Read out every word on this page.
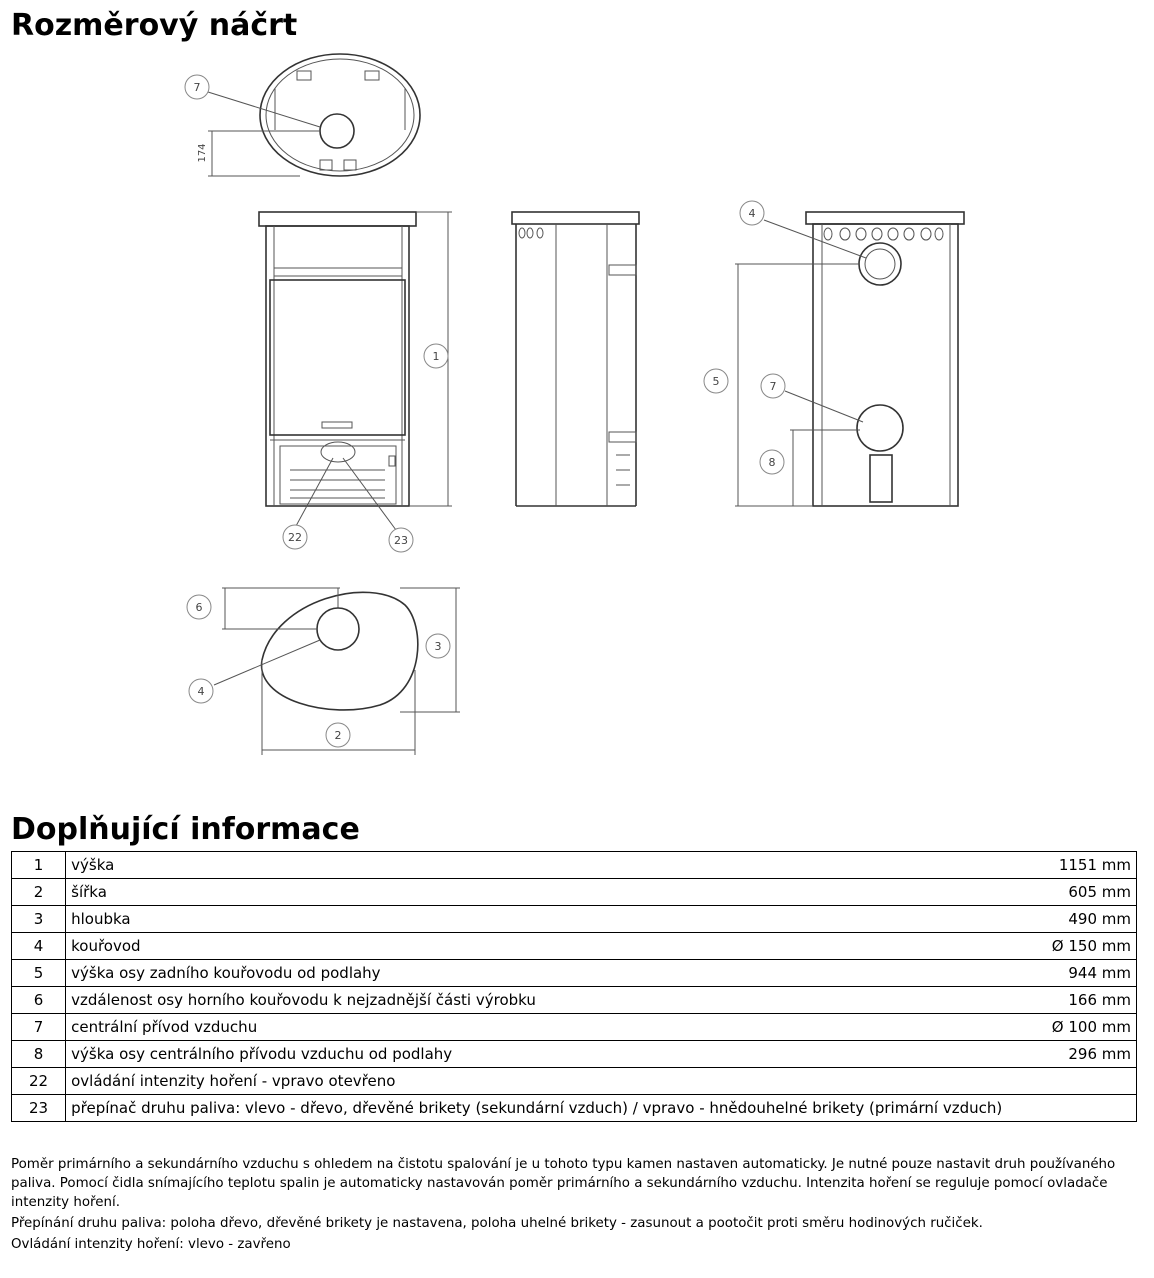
Rozměrový náčrt
174
7
1
22	23
4
5	7
8
6
3
4
2
Doplňující informace
1	výška	1151 mm
2	šířka	605 mm
3	hloubka	490 mm
4	kouřovod	Ø 150 mm
5	výška osy zadního kouřovodu od podlahy	944 mm
6	vzdálenost osy horního kouřovodu k nejzadnější části výrobku	166 mm
7	centrální přívod vzduchu	Ø 100 mm
8	výška osy centrálního přívodu vzduchu od podlahy	296 mm
22	ovládání intenzity hoření - vpravo otevřeno	
23	přepínač druhu paliva: vlevo - dřevo, dřevěné brikety (sekundární vzduch) / vpravo - hnědouhelné brikety (primární vzduch)	

Poměr primárního a sekundárního vzduchu s ohledem na čistotu spalování je u tohoto typu kamen nastaven automaticky. Je nutné pouze nastavit druh používaného paliva. Pomocí čidla snímajícího teplotu spalin je automaticky nastavován poměr primárního a sekundárního vzduchu. Intenzita hoření se reguluje pomocí ovladače intenzity hoření.

Přepínání druhu paliva: poloha dřevo, dřevěné brikety je nastavena, poloha uhelné brikety - zasunout a pootočit proti směru hodinových ručiček.

Ovládání intenzity hoření: vlevo - zavřeno
